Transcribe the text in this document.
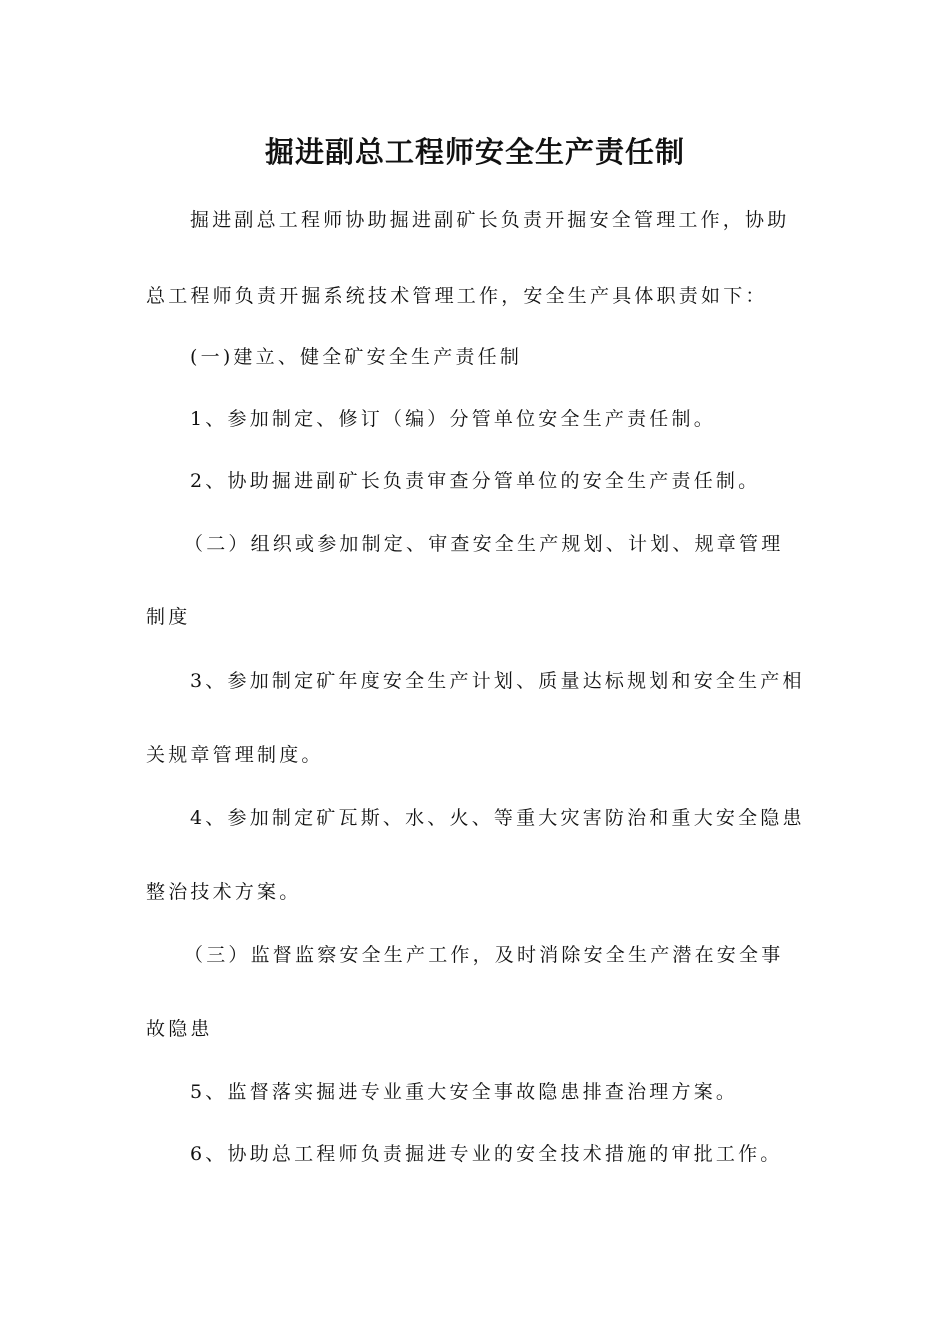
掘进副总工程师安全生产责任制
掘进副总工程师协助掘进副矿长负责开掘安全管理工作，协助
总工程师负责开掘系统技术管理工作，安全生产具体职责如下：
(一)建立、健全矿安全生产责任制
1、参加制定、修订（编）分管单位安全生产责任制。
2、协助掘进副矿长负责审查分管单位的安全生产责任制。
（二）组织或参加制定、审查安全生产规划、计划、规章管理
制度
3、参加制定矿年度安全生产计划、质量达标规划和安全生产相
关规章管理制度。
4、参加制定矿瓦斯、水、火、等重大灾害防治和重大安全隐患
整治技术方案。
（三）监督监察安全生产工作，及时消除安全生产潜在安全事
故隐患
5、监督落实掘进专业重大安全事故隐患排查治理方案。
6、协助总工程师负责掘进专业的安全技术措施的审批工作。
